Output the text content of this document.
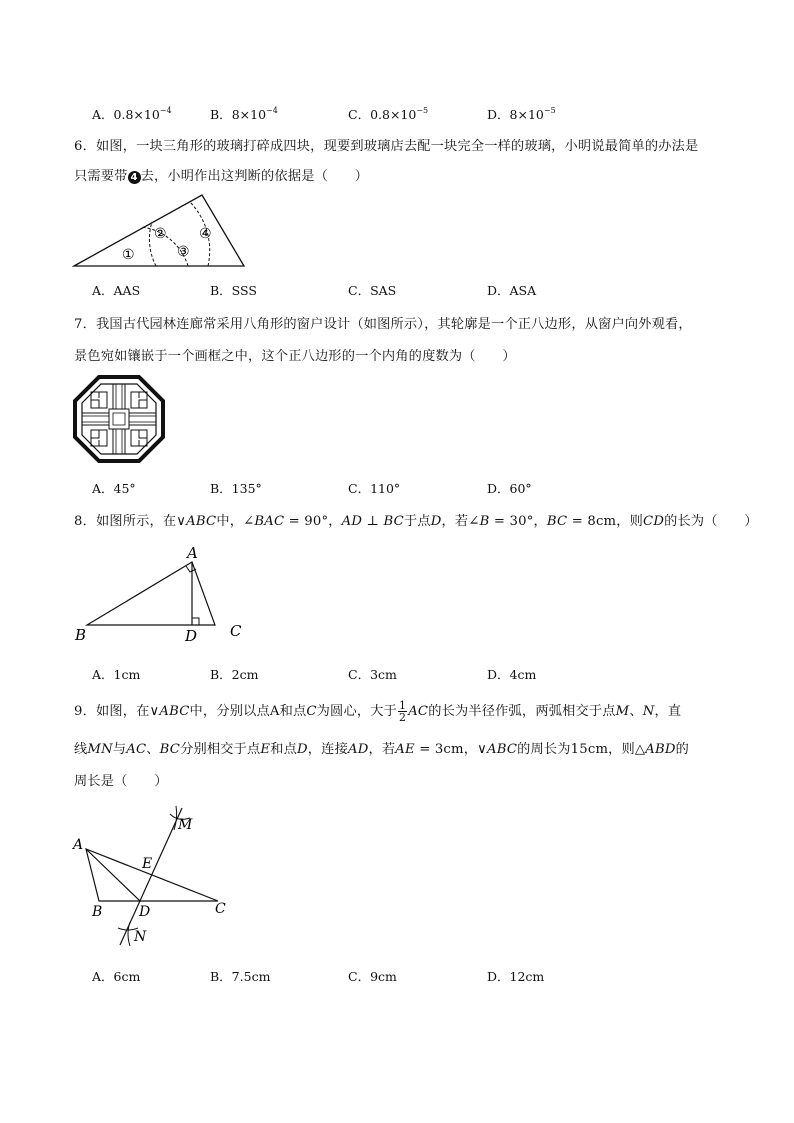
A．$0.8\times 10^{-4}$	B．$8\times 10^{-4}$	C．$0.8\times 10^{-5}$	D．$8\times 10^{-5}$
6．如图，一块三角形的玻璃打碎成四块，现要到玻璃店去配一块完全一样的玻璃，小明说最简单的办法是
只需要带 4 去，小明作出这判断的依据是（　　）
①
②
③
④
A．AAS	B．SSS	C．SAS	D．ASA
7．我国古代园林连廊常采用八角形的窗户设计（如图所示），其轮廓是一个正八边形，从窗户向外观看，
景色宛如镶嵌于一个画框之中，这个正八边形的一个内角的度数为（　　）
A．45°	B．135°	C．110°	D．60°
8．如图所示，在∨ABC中，∠BAC = 90°，AD ⊥ BC于点D，若∠B = 30°，BC = 8cm，则CD的长为（　　）
A
B	D C
A．1cm	B．2cm	C．3cm	D．4cm
9．如图，在∨ABC中，分别以点A和点C为圆心，大于 $\frac{1}{2}$ AC的长为半径作弧，两弧相交于点M、N，直
线MN与AC、BC分别相交于点E和点D，连接AD，若AE = 3cm，∨ABC的周长为15cm，则△ABD的
周长是（　　）
A
B	D	C
E
M
N
A．6cm	B．7.5cm	C．9cm	D．12cm
